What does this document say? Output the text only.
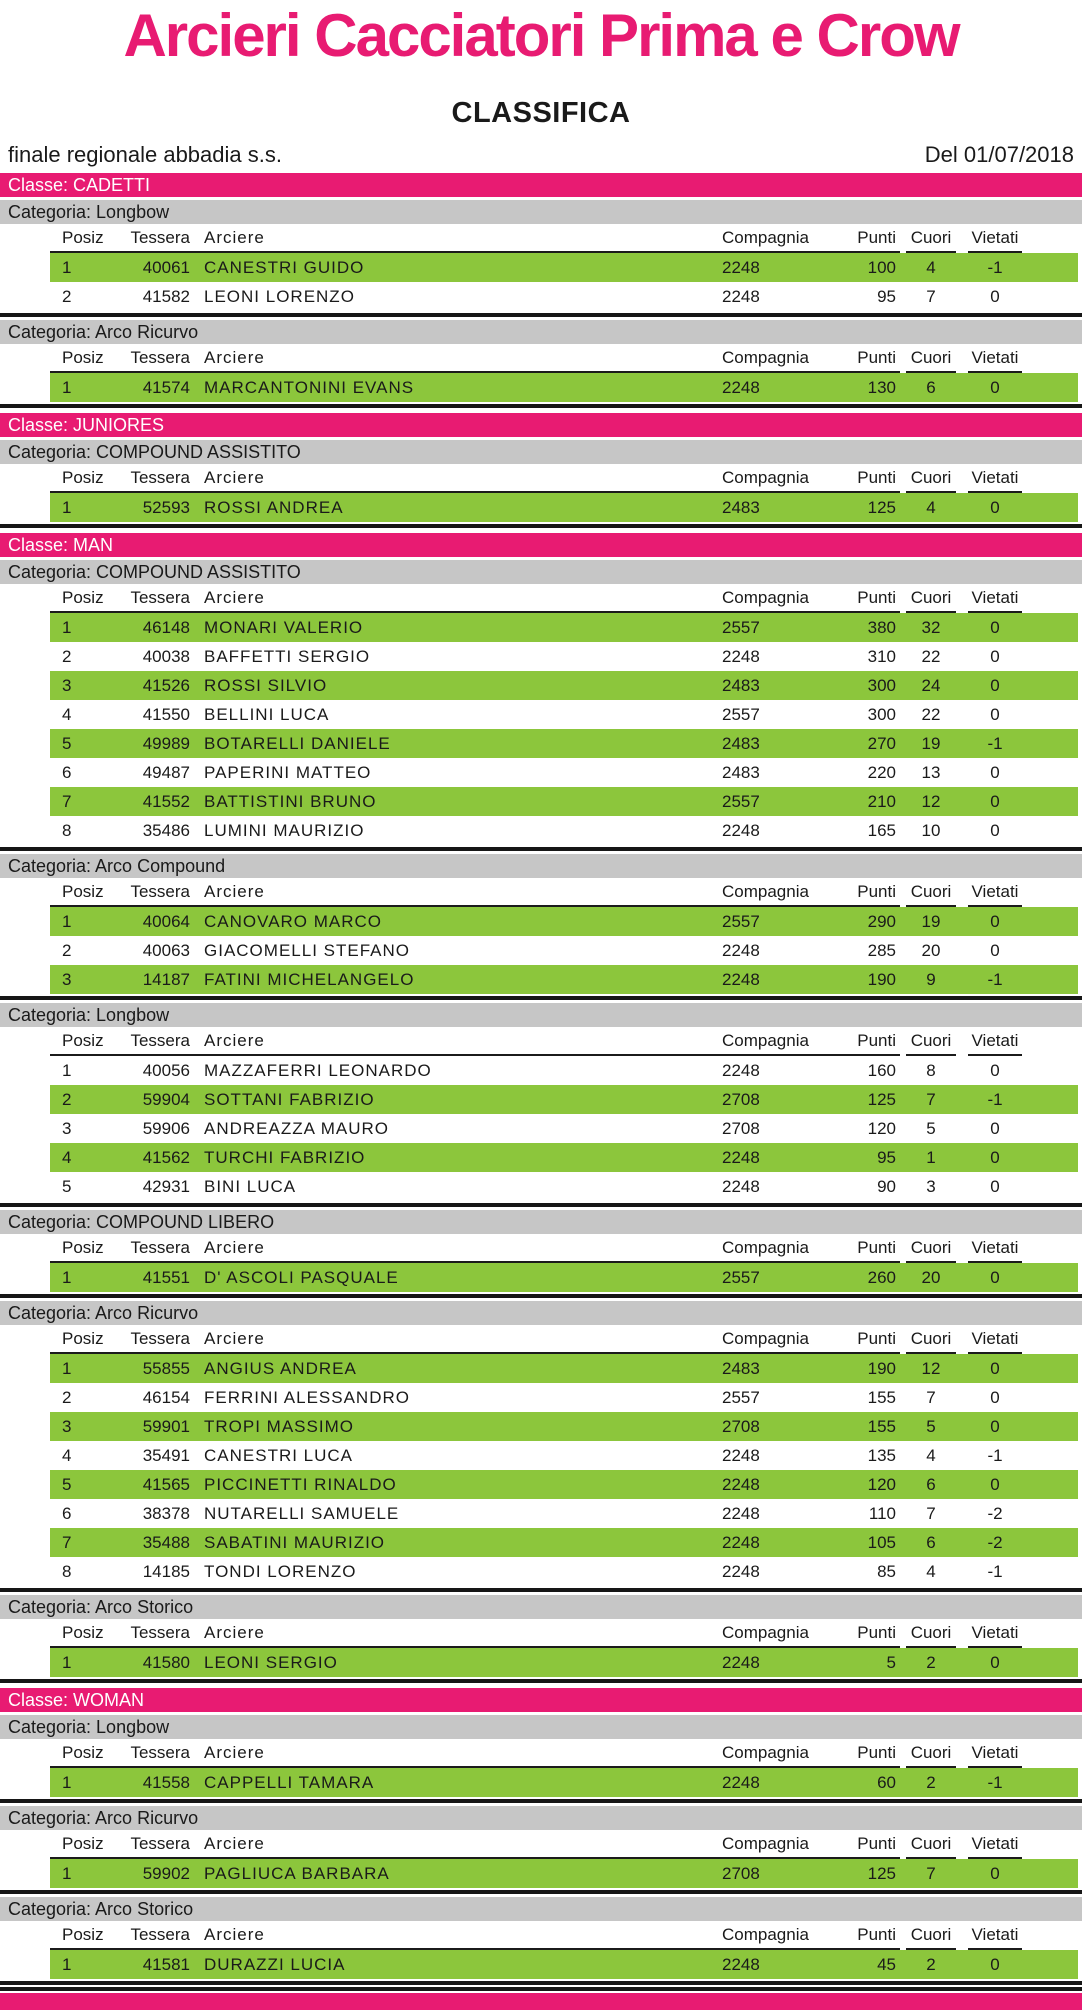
Arcieri Cacciatori Prima e Crow
CLASSIFICA
finale regionale abbadia s.s.	Del 01/07/2018
Classe: CADETTI
Categoria: Longbow
Posiz	Tessera Arciere	Compagnia	Punti Cuori	Vietati
1	40061 CANESTRI GUIDO	2248	100	4	-1
2	41582 LEONI LORENZO	2248	95	7	0
Categoria: Arco Ricurvo
Posiz	Tessera Arciere	Compagnia	Punti Cuori	Vietati
1	41574 MARCANTONINI EVANS	2248	130	6	0
Classe: JUNIORES
Categoria: COMPOUND ASSISTITO
Posiz	Tessera Arciere	Compagnia	Punti Cuori	Vietati
1	52593 ROSSI ANDREA	2483	125	4	0
Classe: MAN
Categoria: COMPOUND ASSISTITO
Posiz	Tessera Arciere	Compagnia	Punti Cuori	Vietati
1	46148 MONARI VALERIO	2557	380	32	0
2	40038 BAFFETTI SERGIO	2248	310	22	0
3	41526 ROSSI SILVIO	2483	300	24	0
4	41550 BELLINI LUCA	2557	300	22	0
5	49989 BOTARELLI DANIELE	2483	270	19	-1
6	49487 PAPERINI MATTEO	2483	220	13	0
7	41552 BATTISTINI BRUNO	2557	210	12	0
8	35486 LUMINI MAURIZIO	2248	165	10	0
Categoria: Arco Compound
Posiz	Tessera Arciere	Compagnia	Punti Cuori	Vietati
1	40064 CANOVARO MARCO	2557	290	19	0
2	40063 GIACOMELLI STEFANO	2248	285	20	0
3	14187 FATINI MICHELANGELO	2248	190	9	-1
Categoria: Longbow
Posiz	Tessera Arciere	Compagnia	Punti Cuori	Vietati
1	40056 MAZZAFERRI LEONARDO	2248	160	8	0
2	59904 SOTTANI FABRIZIO	2708	125	7	-1
3	59906 ANDREAZZA MAURO	2708	120	5	0
4	41562 TURCHI FABRIZIO	2248	95	1	0
5	42931 BINI LUCA	2248	90	3	0
Categoria: COMPOUND LIBERO
Posiz	Tessera Arciere	Compagnia	Punti Cuori	Vietati
1	41551 D' ASCOLI PASQUALE	2557	260	20	0
Categoria: Arco Ricurvo
Posiz	Tessera Arciere	Compagnia	Punti Cuori	Vietati
1	55855 ANGIUS ANDREA	2483	190	12	0
2	46154 FERRINI ALESSANDRO	2557	155	7	0
3	59901 TROPI MASSIMO	2708	155	5	0
4	35491 CANESTRI LUCA	2248	135	4	-1
5	41565 PICCINETTI RINALDO	2248	120	6	0
6	38378 NUTARELLI SAMUELE	2248	110	7	-2
7	35488 SABATINI MAURIZIO	2248	105	6	-2
8	14185 TONDI LORENZO	2248	85	4	-1
Categoria: Arco Storico
Posiz	Tessera Arciere	Compagnia	Punti Cuori	Vietati
1	41580 LEONI SERGIO	2248	5	2	0
Classe: WOMAN
Categoria: Longbow
Posiz	Tessera Arciere	Compagnia	Punti Cuori	Vietati
1	41558 CAPPELLI TAMARA	2248	60	2	-1
Categoria: Arco Ricurvo
Posiz	Tessera Arciere	Compagnia	Punti Cuori	Vietati
1	59902 PAGLIUCA BARBARA	2708	125	7	0
Categoria: Arco Storico
Posiz	Tessera Arciere	Compagnia	Punti Cuori	Vietati
1	41581 DURAZZI LUCIA	2248	45	2	0
